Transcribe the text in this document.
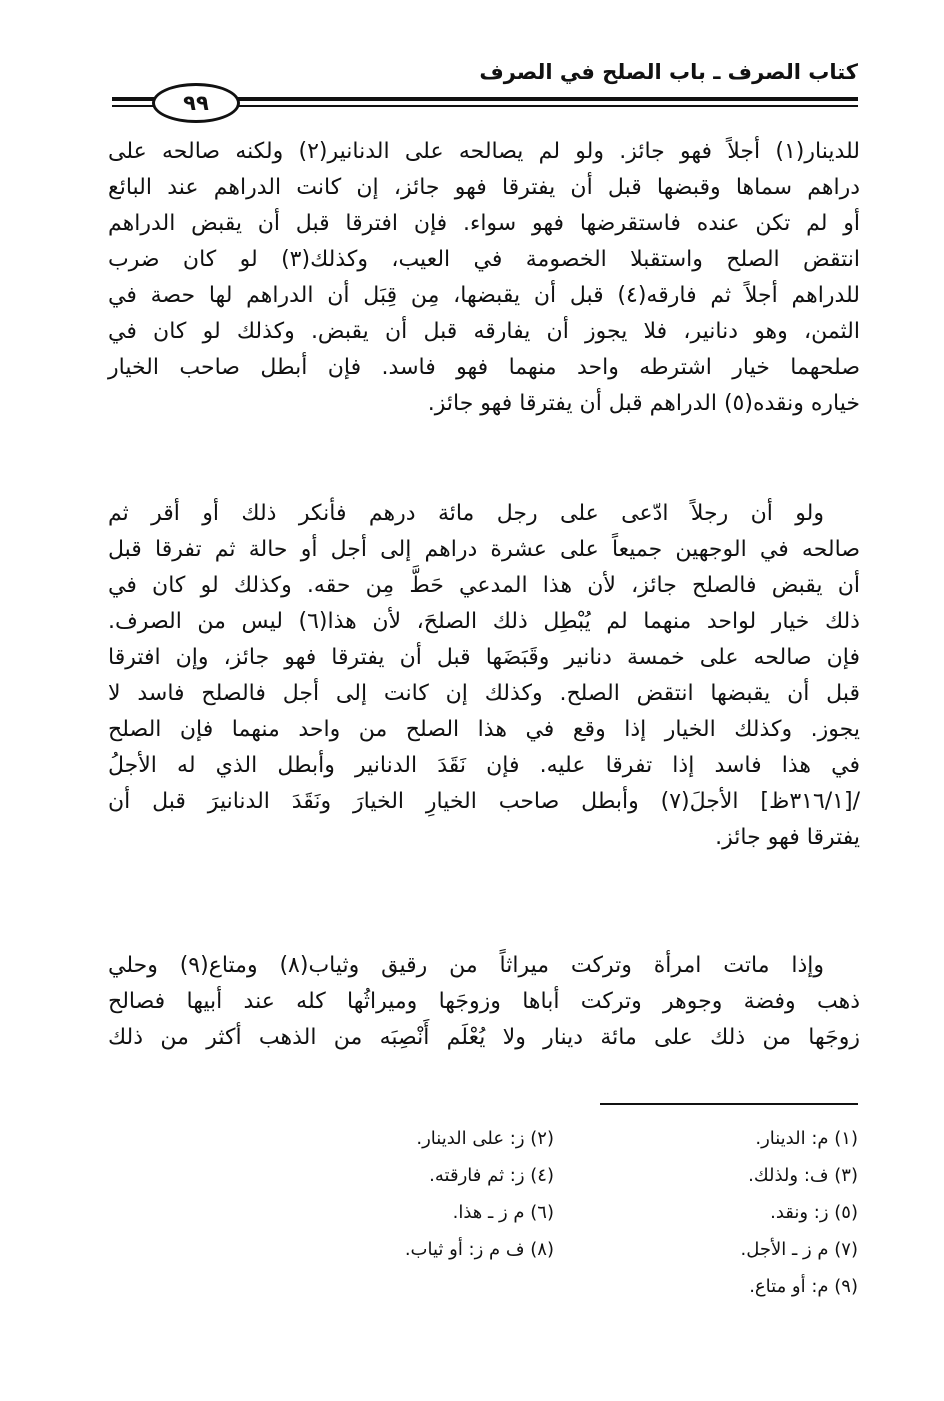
كتاب الصرف ـ باب الصلح في الصرف
٩٩
للدينار(١) أجلاً فهو جائز. ولو لم يصالحه على الدنانير(٢) ولكنه صالحه على
دراهم سماها وقبضها قبل أن يفترقا فهو جائز، إن كانت الدراهم عند البائع
أو لم تكن عنده فاستقرضها فهو سواء. فإن افترقا قبل أن يقبض الدراهم
انتقض الصلح واستقبلا الخصومة في العيب، وكذلك(٣) لو كان ضرب
للدراهم أجلاً ثم فارقه(٤) قبل أن يقبضها، مِن قِبَل أن الدراهم لها حصة في
الثمن، وهو دنانير، فلا يجوز أن يفارقه قبل أن يقبض. وكذلك لو كان في
صلحهما خيار اشترطه واحد منهما فهو فاسد. فإن أبطل صاحب الخيار
خياره ونقده(٥) الدراهم قبل أن يفترقا فهو جائز.
ولو أن رجلاً ادّعى على رجل مائة درهم فأنكر ذلك أو أقر ثم
صالحه في الوجهين جميعاً على عشرة دراهم إلى أجل أو حالة ثم تفرقا قبل
أن يقبض فالصلح جائز، لأن هذا المدعي حَطَّ مِن حقه. وكذلك لو كان في
ذلك خيار لواحد منهما لم يُبْطِل ذلك الصلحَ، لأن هذا(٦) ليس من الصرف.
فإن صالحه على خمسة دنانير وقَبَضَها قبل أن يفترقا فهو جائز، وإن افترقا
قبل أن يقبضها انتقض الصلح. وكذلك إن كانت إلى أجل فالصلح فاسد لا
يجوز. وكذلك الخيار إذا وقع في هذا الصلح من واحد منهما فإن الصلح
في هذا فاسد إذا تفرقا عليه. فإن نَقَدَ الدنانير وأبطل الذي له الأجلُ
/[٣١٦/١ظ] الأجلَ(٧) وأبطل صاحب الخيارِ الخيارَ ونَقَدَ الدنانيرَ قبل أن
يفترقا فهو جائز.
وإذا ماتت امرأة وتركت ميراثاً من رقيق وثياب(٨) ومتاع(٩) وحلي
ذهب وفضة وجوهر وتركت أباها وزوجَها وميراثُها كله عند أبيها فصالح
زوجَها من ذلك على مائة دينار ولا يُعْلَم أَنْصِبَه من الذهب أكثر من ذلك
(١) م: الدينار.
(٢) ز: على الدينار.
(٣) ف: ولذلك.
(٤) ز: ثم فارقته.
(٥) ز: ونقد.
(٦) م ز ـ هذا.
(٧) م ز ـ الأجل.
(٨) ف م ز: أو ثياب.
(٩) م: أو متاع.
